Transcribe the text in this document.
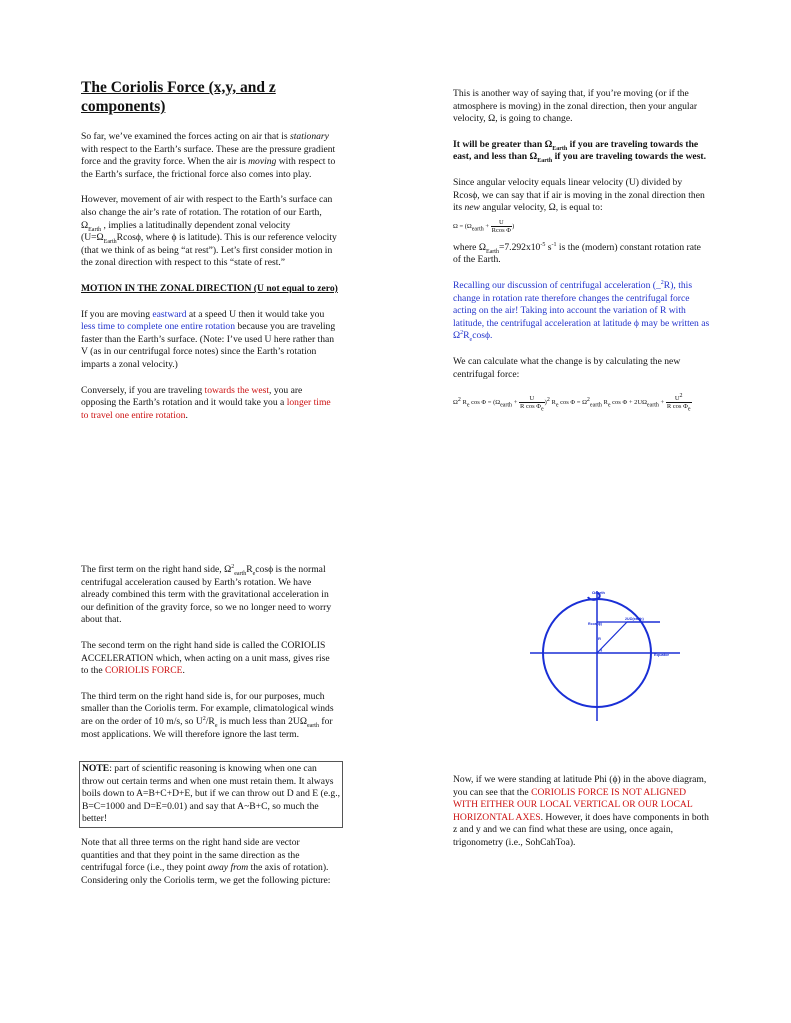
The Coriolis Force (x,y, and z components)

So far, we’ve examined the forces acting on air that is stationary with respect to the Earth’s surface. These are the pressure gradient force and the gravity force. When the air is moving with respect to the Earth’s surface, the frictional force also comes into play.

However, movement of air with respect to the Earth’s surface can also change the air’s rate of rotation. The rotation of our Earth, $\Omega_{Earth}$ , implies a latitudinally dependent zonal velocity ($U=\Omega_{Earth}Rcos\phi$, where ϕ is latitude). This is our reference velocity (that we think of as being “at rest”). Let’s first consider motion in the zonal direction with respect to this “state of rest.”

MOTION IN THE ZONAL DIRECTION (U not equal to zero)

If you are moving eastward at a speed U then it would take you less time to complete one entire rotation because you are traveling faster than the Earth’s surface. (Note: I’ve used U here rather than V (as in our centrifugal force notes) since the Earth’s rotation imparts a zonal velocity.)

Conversely, if you are traveling towards the west, you are opposing the Earth’s rotation and it would take you a longer time to travel one entire rotation.

The first term on the right hand side, $\Omega^2_{earth}R_e\cos\phi$ is the normal centrifugal acceleration caused by Earth’s rotation. We have already combined this term with the gravitational acceleration in our definition of the gravity force, so we no longer need to worry about that.

The second term on the right hand side is called the CORIOLIS ACCELERATION which, when acting on a unit mass, gives rise to the CORIOLIS FORCE.

The third term on the right hand side is, for our purposes, much smaller than the Coriolis term. For example, climatological winds are on the order of 10 m/s, so $U^2/R_e$ is much less than $2U\Omega_{earth}$ for most applications. We will therefore ignore the last term.

NOTE: part of scientific reasoning is knowing when one can throw out certain terms and when one must retain them. It always boils down to A=B+C+D+E, but if we can throw out D and E (e.g., B=C=1000 and D=E=0.01) and say that A~B+C, so much the better!

Note that all three terms on the right hand side are vector quantities and that they point in the same direction as the centrifugal force (i.e., they point away from the axis of rotation). Considering only the Coriolis term, we get the following picture:

This is another way of saying that, if you’re moving (or if the atmosphere is moving) in the zonal direction, then your angular velocity, Ω, is going to change.

It will be greater than $\Omega_{Earth}$ if you are traveling towards the east, and less than $\Omega_{Earth}$ if you are traveling towards the west.

Since angular velocity equals linear velocity (U) divided by Rcosϕ, we can say that if air is moving in the zonal direction then its new angular velocity, Ω, is equal to:

$\Omega = (\Omega_{earth} + \frac{U}{\text{Rcos Φ}}$ )

where $\Omega_{Earth}=7.292x10^{-5}$ $s^{-1}$ is the (modern) constant rotation rate of the Earth.

Recalling our discussion of centrifugal acceleration (_$^2$R), this change in rotation rate therefore changes the centrifugal force acting on the air! Taking into account the variation of R with latitude, the centrifugal acceleration at latitude ϕ may be written as $\Omega^2R_e\cos\phi$.

We can calculate what the change is by calculating the new centrifugal force:

$\Omega^2$ $R_e$ $\cos \Phi = (\Omega_{earth} + \frac{U}{R \cos \Phi_e} )^2$ $R_e$ $\cos \Phi = \Omega^2_{earth}$ $R_e$ $\cos \Phi + 2U\Omega_{earth} + \frac{U^2}{R \cos \Phi_e}$
Ωearth
Rcos(ϕ)
2UΩ(earth)
R
ϕ
Equator

Now, if we were standing at latitude Phi (ϕ) in the above diagram, you can see that the CORIOLIS FORCE IS NOT ALIGNED WITH EITHER OUR LOCAL VERTICAL OR OUR LOCAL HORIZONTAL AXES. However, it does have components in both z and y and we can find what these are using, once again, trigonometry (i.e., SohCahToa).
